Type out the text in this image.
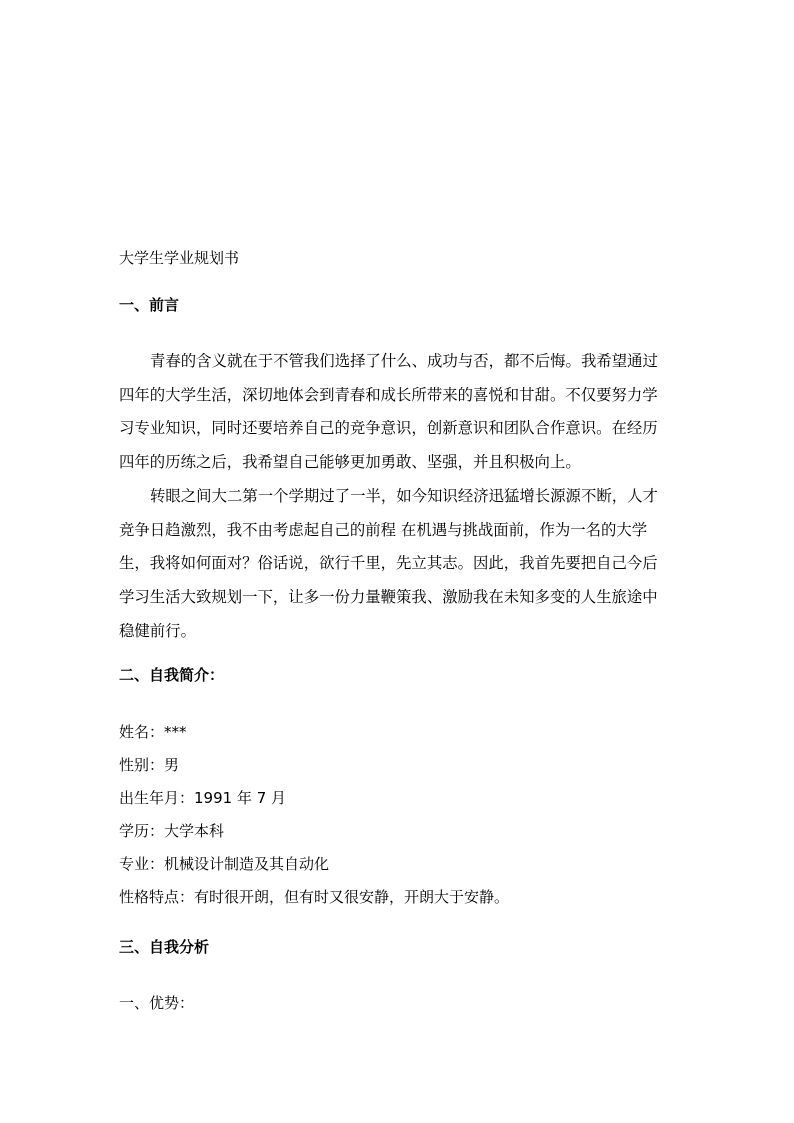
大学生学业规划书

一、前言

青春的含义就在于不管我们选择了什么、成功与否，都不后悔。我希望通过

四年的大学生活，深切地体会到青春和成长所带来的喜悦和甘甜。不仅要努力学

习专业知识，同时还要培养自己的竞争意识，创新意识和团队合作意识。在经历

四年的历练之后，我希望自己能够更加勇敢、坚强，并且积极向上。

转眼之间大二第一个学期过了一半，如今知识经济迅猛增长源源不断，人才

竞争日趋激烈，我不由考虑起自己的前程 在机遇与挑战面前，作为一名的大学

生，我将如何面对？俗话说，欲行千里，先立其志。因此，我首先要把自己今后

学习生活大致规划一下，让多一份力量鞭策我、激励我在未知多变的人生旅途中

稳健前行。

二、自我简介：

姓名：***

性别：男

出生年月：1991 年 7 月

学历：大学本科

专业：机械设计制造及其自动化

性格特点：有时很开朗，但有时又很安静，开朗大于安静。

三、自我分析

一、优势：
